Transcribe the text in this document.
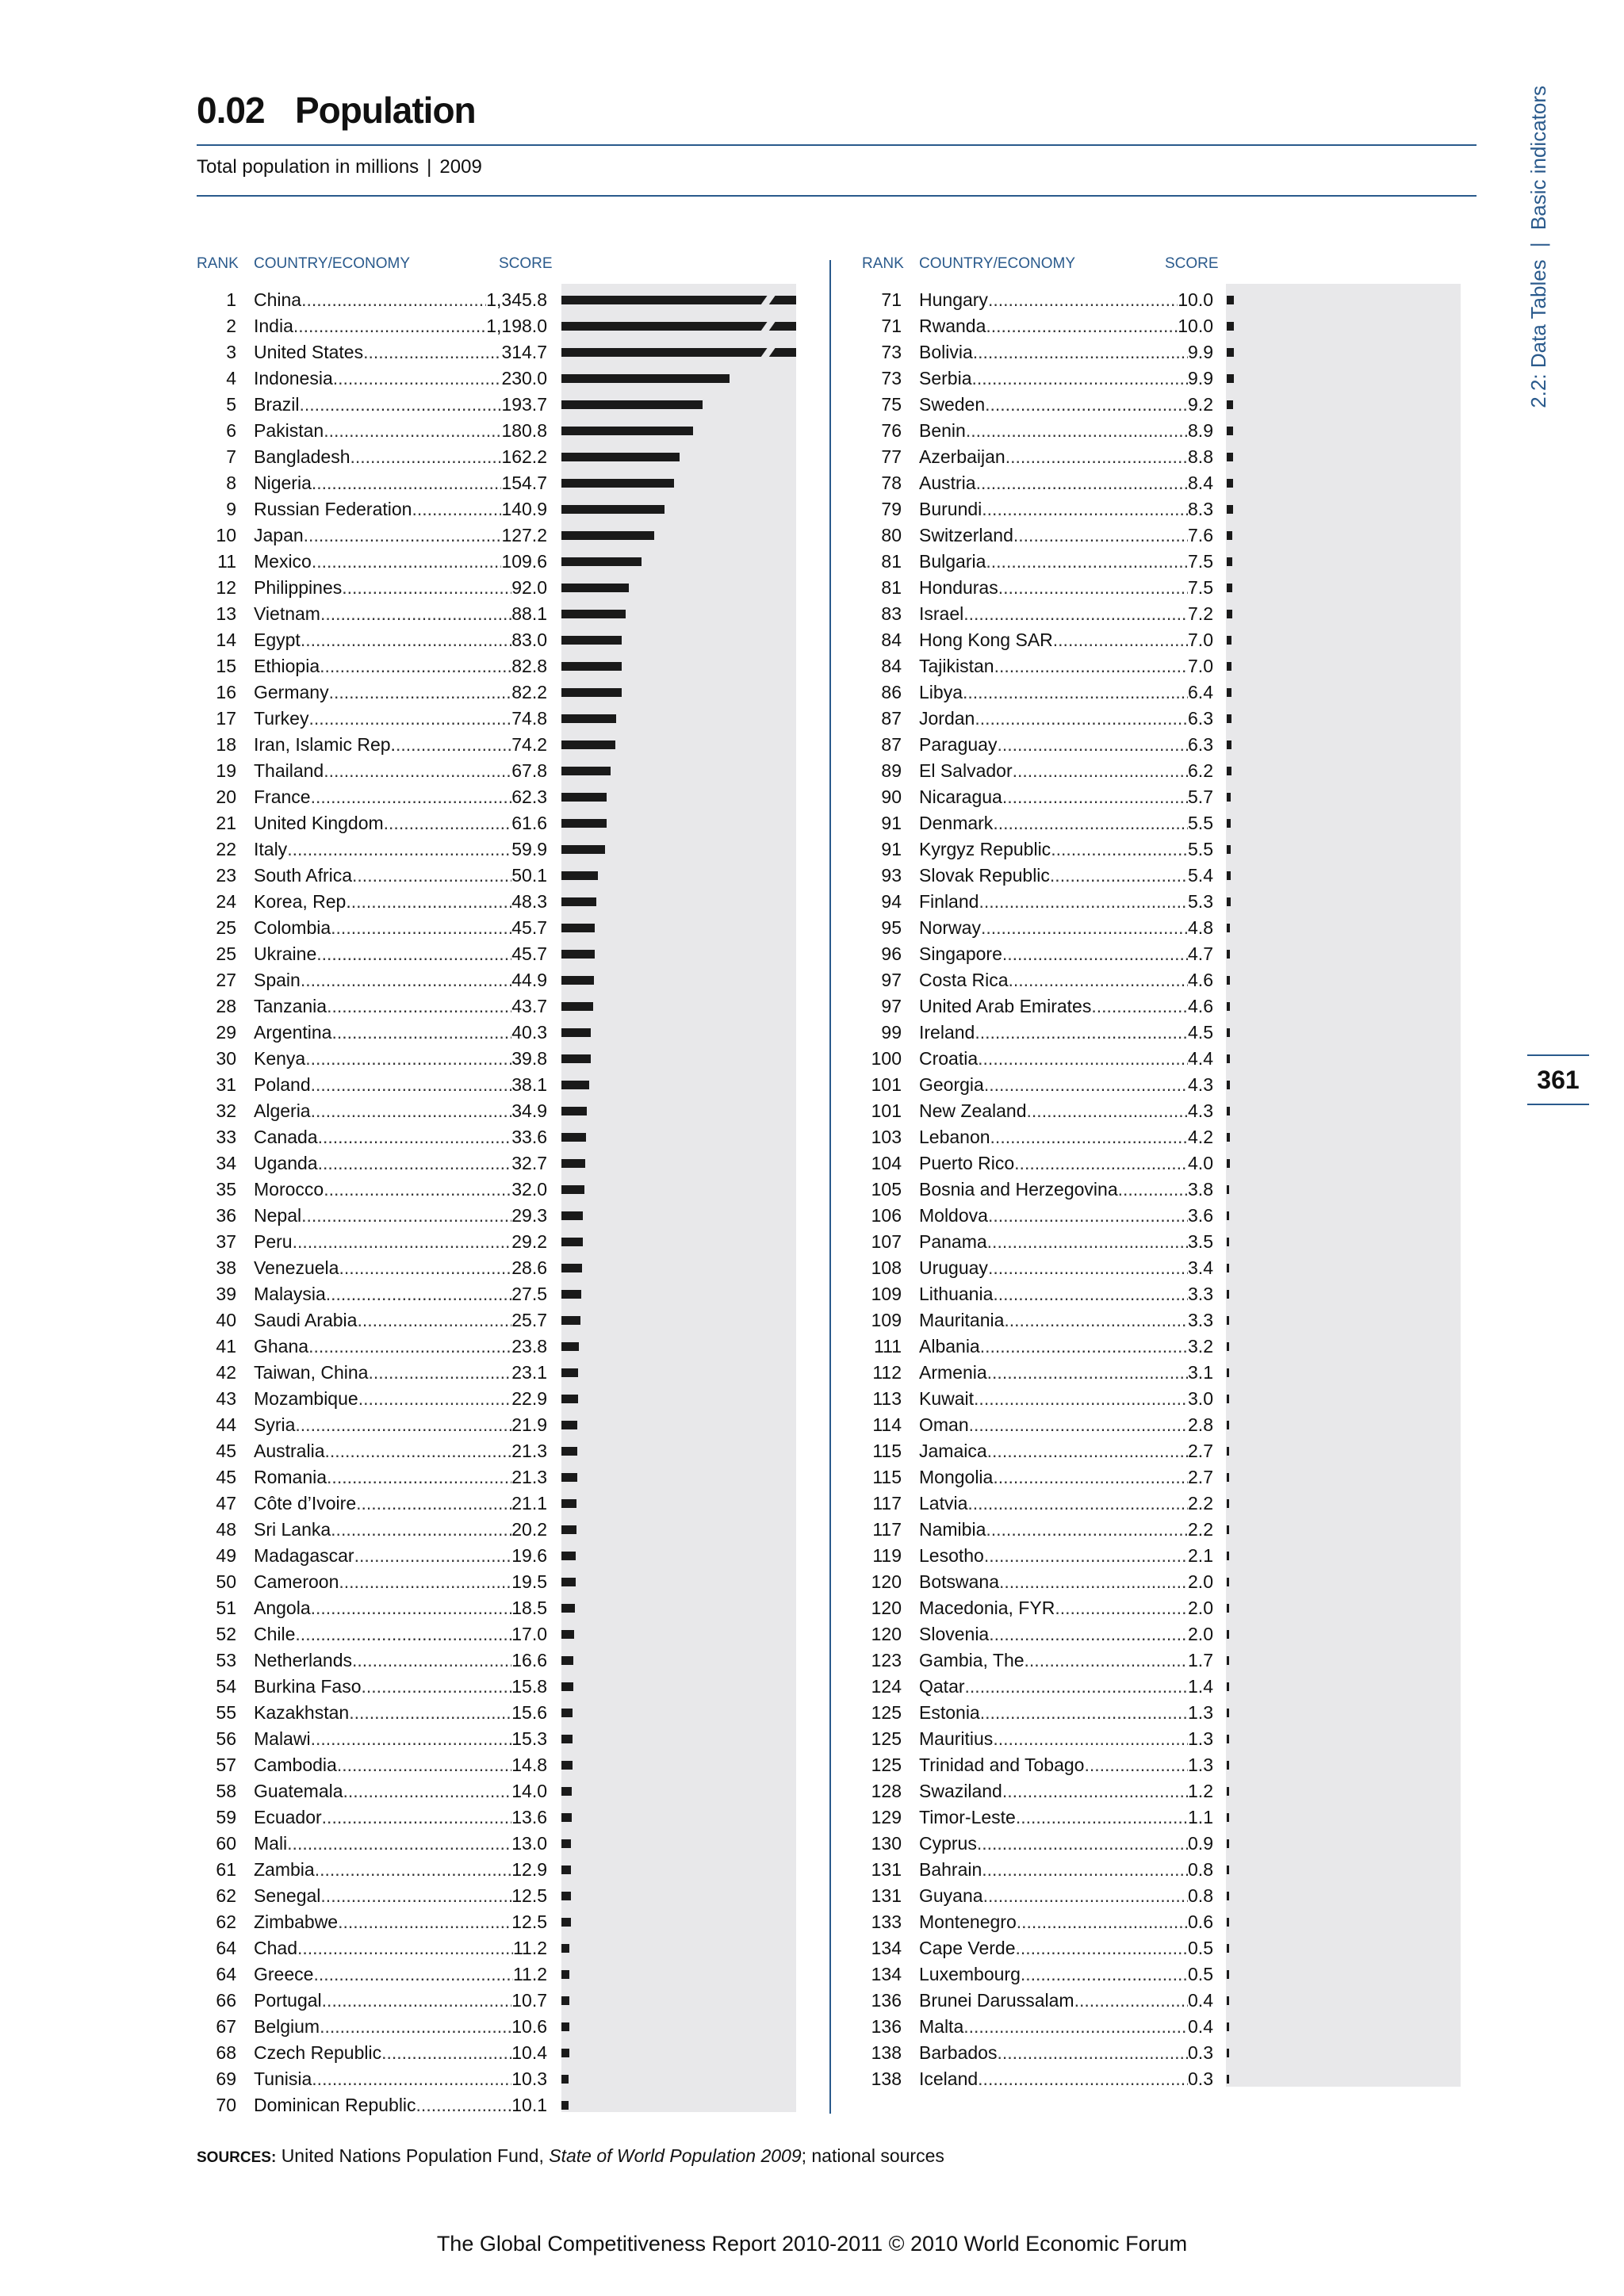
0.02 Population
Total population in millions | 2009
2.2: Data Tables | Basic indicators
361
RANK COUNTRY/ECONOMY	SCORE
1 China .....	1,345.8
2 India .....	1,198.0
3 United States .....	314.7
4 Indonesia .....	230.0
5 Brazil .....	193.7
6 Pakistan .....	180.8
7 Bangladesh .....	162.2
8 Nigeria .....	154.7
9 Russian Federation .....	140.9
10 Japan .....	127.2
11 Mexico .....	109.6
12 Philippines .....	92.0
13 Vietnam .....	88.1
14 Egypt .....	83.0
15 Ethiopia .....	82.8
16 Germany .....	82.2
17 Turkey .....	74.8
18 Iran, Islamic Rep. .....	74.2
19 Thailand .....	67.8
20 France .....	62.3
21 United Kingdom .....	61.6
22 Italy .....	59.9
23 South Africa .....	50.1
24 Korea, Rep. .....	48.3
25 Colombia .....	45.7
25 Ukraine .....	45.7
27 Spain .....	44.9
28 Tanzania .....	43.7
29 Argentina .....	40.3
30 Kenya .....	39.8
31 Poland .....	38.1
32 Algeria .....	34.9
33 Canada .....	33.6
34 Uganda .....	32.7
35 Morocco .....	32.0
36 Nepal .....	29.3
37 Peru .....	29.2
38 Venezuela .....	28.6
39 Malaysia .....	27.5
40 Saudi Arabia .....	25.7
41 Ghana .....	23.8
42 Taiwan, China .....	23.1
43 Mozambique .....	22.9
44 Syria .....	21.9
45 Australia .....	21.3
45 Romania .....	21.3
47 Côte d’Ivoire .....	21.1
48 Sri Lanka .....	20.2
49 Madagascar .....	19.6
50 Cameroon .....	19.5
51 Angola .....	18.5
52 Chile .....	17.0
53 Netherlands .....	16.6
54 Burkina Faso .....	15.8
55 Kazakhstan .....	15.6
56 Malawi .....	15.3
57 Cambodia .....	14.8
58 Guatemala .....	14.0
59 Ecuador .....	13.6
60 Mali .....	13.0
61 Zambia .....	12.9
62 Senegal .....	12.5
62 Zimbabwe .....	12.5
64 Chad .....	11.2
64 Greece .....	11.2
66 Portugal .....	10.7
67 Belgium .....	10.6
68 Czech Republic .....	10.4
69 Tunisia .....	10.3
70 Dominican Republic .....	10.1
RANK COUNTRY/ECONOMY	SCORE
71 Hungary .....	10.0
71 Rwanda .....	10.0
73 Bolivia .....	9.9
73 Serbia .....	9.9
75 Sweden .....	9.2
76 Benin .....	8.9
77 Azerbaijan .....	8.8
78 Austria .....	8.4
79 Burundi .....	8.3
80 Switzerland .....	7.6
81 Bulgaria .....	7.5
81 Honduras .....	7.5
83 Israel .....	7.2
84 Hong Kong SAR .....	7.0
84 Tajikistan .....	7.0
86 Libya .....	6.4
87 Jordan .....	6.3
87 Paraguay .....	6.3
89 El Salvador .....	6.2
90 Nicaragua .....	5.7
91 Denmark .....	5.5
91 Kyrgyz Republic .....	5.5
93 Slovak Republic .....	5.4
94 Finland .....	5.3
95 Norway .....	4.8
96 Singapore .....	4.7
97 Costa Rica .....	4.6
97 United Arab Emirates .....	4.6
99 Ireland .....	4.5
100 Croatia .....	4.4
101 Georgia .....	4.3
101 New Zealand .....	4.3
103 Lebanon .....	4.2
104 Puerto Rico .....	4.0
105 Bosnia and Herzegovina .....	3.8
106 Moldova .....	3.6
107 Panama .....	3.5
108 Uruguay .....	3.4
109 Lithuania .....	3.3
109 Mauritania .....	3.3
111 Albania .....	3.2
112 Armenia .....	3.1
113 Kuwait .....	3.0
114 Oman .....	2.8
115 Jamaica .....	2.7
115 Mongolia .....	2.7
117 Latvia .....	2.2
117 Namibia .....	2.2
119 Lesotho .....	2.1
120 Botswana .....	2.0
120 Macedonia, FYR .....	2.0
120 Slovenia .....	2.0
123 Gambia, The .....	1.7
124 Qatar .....	1.4
125 Estonia .....	1.3
125 Mauritius .....	1.3
125 Trinidad and Tobago .....	1.3
128 Swaziland .....	1.2
129 Timor-Leste .....	1.1
130 Cyprus .....	0.9
131 Bahrain .....	0.8
131 Guyana .....	0.8
133 Montenegro .....	0.6
134 Cape Verde .....	0.5
134 Luxembourg .....	0.5
136 Brunei Darussalam .....	0.4
136 Malta .....	0.4
138 Barbados .....	0.3
138 Iceland .....	0.3
SOURCES: United Nations Population Fund, State of World Population 2009; national sources
The Global Competitiveness Report 2010-2011 © 2010 World Economic Forum
